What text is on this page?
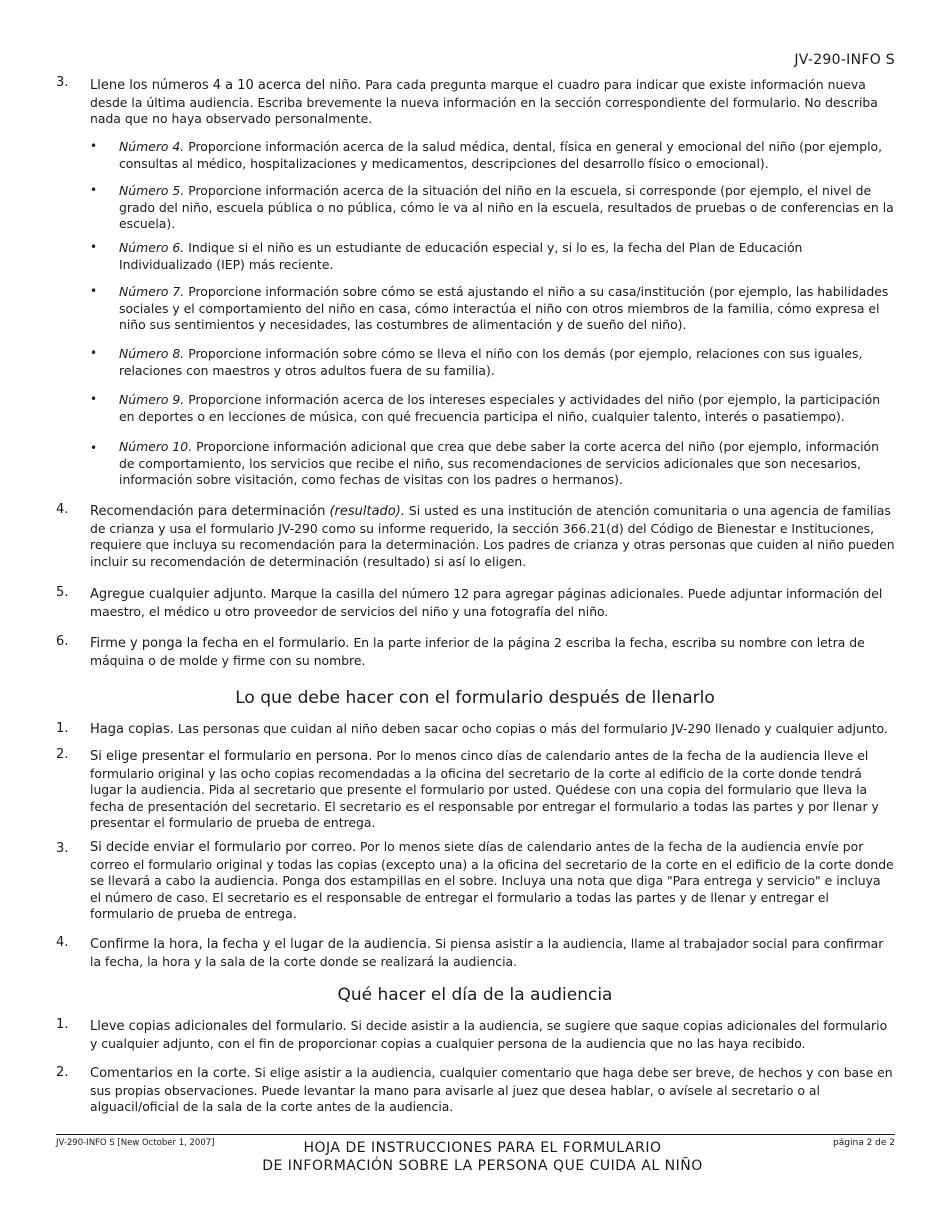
JV-290-INFO S
3. Llene los números 4 a 10 acerca del niño. Para cada pregunta marque el cuadro para indicar que existe información nueva desde la última audiencia. Escriba brevemente la nueva información en la sección correspondiente del formulario. No describa nada que no haya observado personalmente.
• Número 4. Proporcione información acerca de la salud médica, dental, física en general y emocional del niño (por ejemplo, consultas al médico, hospitalizaciones y medicamentos, descripciones del desarrollo físico o emocional).
• Número 5. Proporcione información acerca de la situación del niño en la escuela, si corresponde (por ejemplo, el nivel de grado del niño, escuela pública o no pública, cómo le va al niño en la escuela, resultados de pruebas o de conferencias en la escuela).
• Número 6. Indique si el niño es un estudiante de educación especial y, si lo es, la fecha del Plan de Educación Individualizado (IEP) más reciente.
• Número 7. Proporcione información sobre cómo se está ajustando el niño a su casa/institución (por ejemplo, las habilidades sociales y el comportamiento del niño en casa, cómo interactúa el niño con otros miembros de la familia, cómo expresa el niño sus sentimientos y necesidades, las costumbres de alimentación y de sueño del niño).
• Número 8. Proporcione información sobre cómo se lleva el niño con los demás (por ejemplo, relaciones con sus iguales, relaciones con maestros y otros adultos fuera de su familia).
• Número 9. Proporcione información acerca de los intereses especiales y actividades del niño (por ejemplo, la participación en deportes o en lecciones de música, con qué frecuencia participa el niño, cualquier talento, interés o pasatiempo).
• Número 10. Proporcione información adicional que crea que debe saber la corte acerca del niño (por ejemplo, información de comportamiento, los servicios que recibe el niño, sus recomendaciones de servicios adicionales que son necesarios, información sobre visitación, como fechas de visitas con los padres o hermanos).
4. Recomendación para determinación (resultado). Si usted es una institución de atención comunitaria o una agencia de familias de crianza y usa el formulario JV-290 como su informe requerido, la sección 366.21(d) del Código de Bienestar e Instituciones, requiere que incluya su recomendación para la determinación. Los padres de crianza y otras personas que cuiden al niño pueden incluir su recomendación de determinación (resultado) si así lo eligen.
5. Agregue cualquier adjunto. Marque la casilla del número 12 para agregar páginas adicionales. Puede adjuntar información del maestro, el médico u otro proveedor de servicios del niño y una fotografía del niño.
6. Firme y ponga la fecha en el formulario. En la parte inferior de la página 2 escriba la fecha, escriba su nombre con letra de máquina o de molde y firme con su nombre.
Lo que debe hacer con el formulario después de llenarlo
1. Haga copias. Las personas que cuidan al niño deben sacar ocho copias o más del formulario JV-290 llenado y cualquier adjunto.
2. Si elige presentar el formulario en persona. Por lo menos cinco días de calendario antes de la fecha de la audiencia lleve el formulario original y las ocho copias recomendadas a la oficina del secretario de la corte al edificio de la corte donde tendrá lugar la audiencia. Pida al secretario que presente el formulario por usted. Quédese con una copia del formulario que lleva la fecha de presentación del secretario. El secretario es el responsable por entregar el formulario a todas las partes y por llenar y presentar el formulario de prueba de entrega.
3. Si decide enviar el formulario por correo. Por lo menos siete días de calendario antes de la fecha de la audiencia envíe por correo el formulario original y todas las copias (excepto una) a la oficina del secretario de la corte en el edificio de la corte donde se llevará a cabo la audiencia. Ponga dos estampillas en el sobre. Incluya una nota que diga "Para entrega y servicio" e incluya el número de caso. El secretario es el responsable de entregar el formulario a todas las partes y de llenar y entregar el formulario de prueba de entrega.
4. Confirme la hora, la fecha y el lugar de la audiencia. Si piensa asistir a la audiencia, llame al trabajador social para confirmar la fecha, la hora y la sala de la corte donde se realizará la audiencia.
Qué hacer el día de la audiencia
1. Lleve copias adicionales del formulario. Si decide asistir a la audiencia, se sugiere que saque copias adicionales del formulario y cualquier adjunto, con el fin de proporcionar copias a cualquier persona de la audiencia que no las haya recibido.
2. Comentarios en la corte. Si elige asistir a la audiencia, cualquier comentario que haga debe ser breve, de hechos y con base en sus propias observaciones. Puede levantar la mano para avisarle al juez que desea hablar, o avísele al secretario o al alguacil/oficial de la sala de la corte antes de la audiencia.
JV-290-INFO S [New October 1, 2007]	página 2 de 2
HOJA DE INSTRUCCIONES PARA EL FORMULARIO
DE INFORMACIÓN SOBRE LA PERSONA QUE CUIDA AL NIÑO
